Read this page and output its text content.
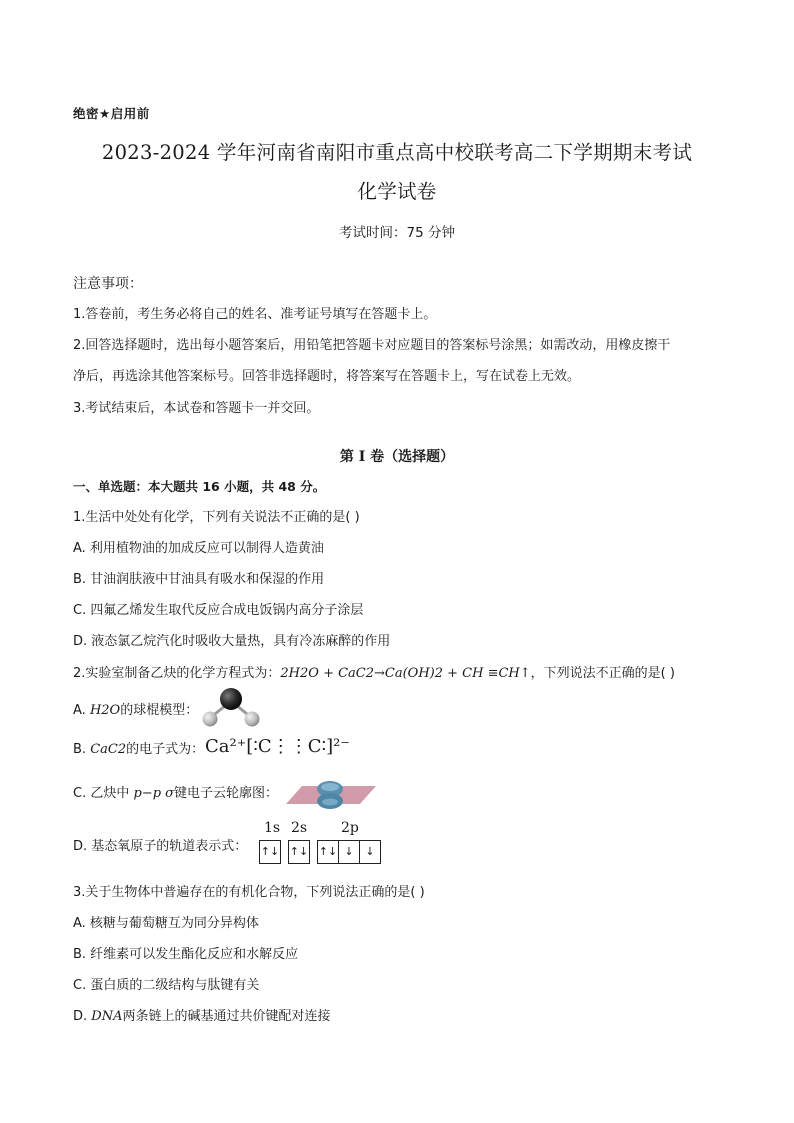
绝密★启用前
2023-2024 学年河南省南阳市重点高中校联考高二下学期期末考试
化学试卷
考试时间：75 分钟
注意事项：
1.答卷前，考生务必将自己的姓名、准考证号填写在答题卡上。
2.回答选择题时，选出每小题答案后，用铅笔把答题卡对应题目的答案标号涂黑；如需改动，用橡皮擦干
净后，再选涂其他答案标号。回答非选择题时，将答案写在答题卡上，写在试卷上无效。
3.考试结束后，本试卷和答题卡一并交回。
第 I 卷（选择题）
一、单选题：本大题共 16 小题，共 48 分。
1.生活中处处有化学，下列有关说法不正确的是( )
A. 利用植物油的加成反应可以制得人造黄油
B. 甘油润肤液中甘油具有吸水和保湿的作用
C. 四氟乙烯发生取代反应合成电饭锅内高分子涂层
D. 液态氯乙烷汽化时吸收大量热，具有冷冻麻醉的作用
2.实验室制备乙炔的化学方程式为：2H2O + CaC2→Ca(OH)2 + CH ≡CH↑，下列说法不正确的是( )
A. H2O的球棍模型：
B. CaC2的电子式为： Ca²⁺[∶C⋮⋮C∶]²⁻
C. 乙炔中 p−p σ键电子云轮廓图：
D. 基态氧原子的轨道表示式：
1s 2s 2p
↑↓ ↑↓ ↑↓ ↓	↓
3.关于生物体中普遍存在的有机化合物，下列说法正确的是( )
A. 核糖与葡萄糖互为同分异构体
B. 纤维素可以发生酯化反应和水解反应
C. 蛋白质的二级结构与肽键有关
D. DNA两条链上的碱基通过共价键配对连接
